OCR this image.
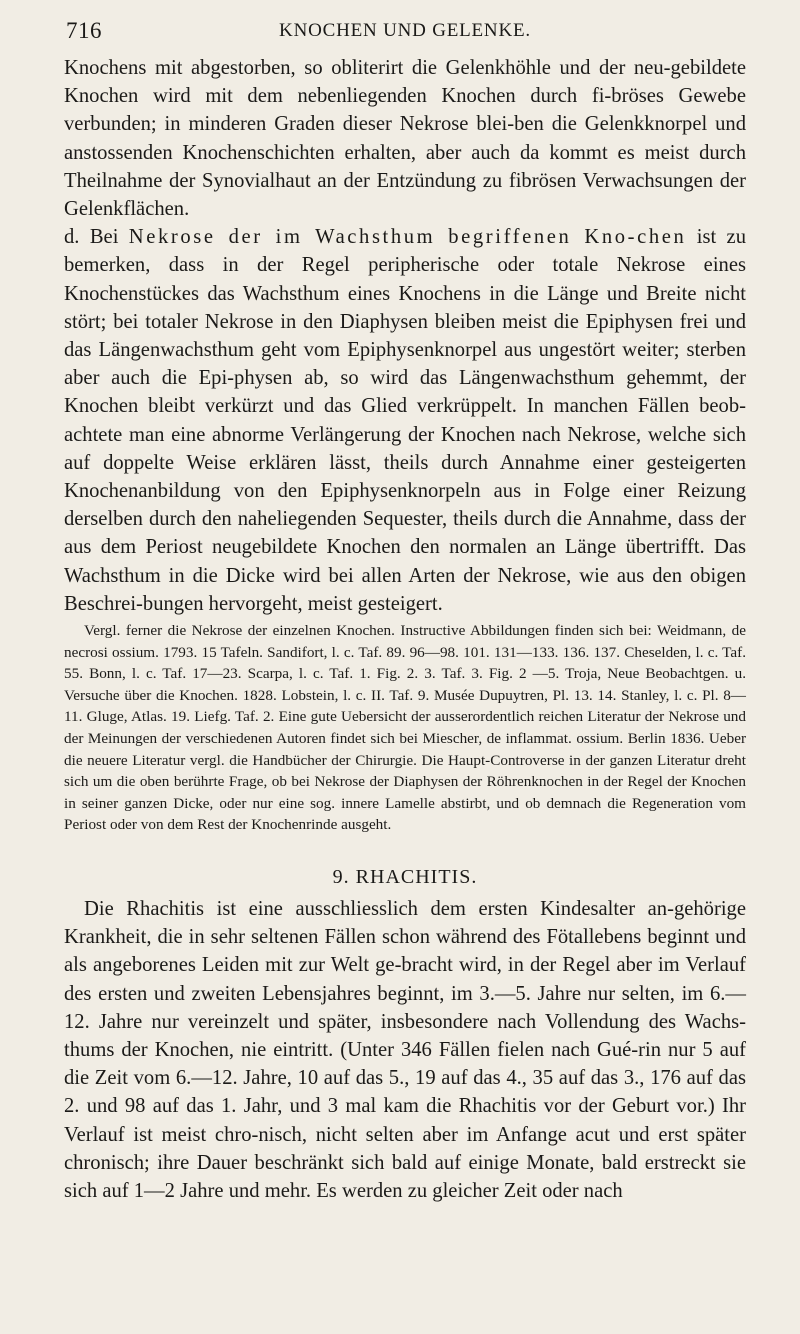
716	KNOCHEN UND GELENKE.

Knochens mit abgestorben, so obliterirt die Gelenkhöhle und der neu-gebildete Knochen wird mit dem nebenliegenden Knochen durch fi-bröses Gewebe verbunden; in minderen Graden dieser Nekrose blei-ben die Gelenkknorpel und anstossenden Knochenschichten erhalten, aber auch da kommt es meist durch Theilnahme der Synovialhaut an der Entzündung zu fibrösen Verwachsungen der Gelenkflächen.

d. Bei Nekrose der im Wachsthum begriffenen Kno-chen ist zu bemerken, dass in der Regel peripherische oder totale Nekrose eines Knochenstückes das Wachsthum eines Knochens in die Länge und Breite nicht stört; bei totaler Nekrose in den Diaphysen bleiben meist die Epiphysen frei und das Längenwachsthum geht vom Epiphysenknorpel aus ungestört weiter; sterben aber auch die Epi-physen ab, so wird das Längenwachsthum gehemmt, der Knochen bleibt verkürzt und das Glied verkrüppelt. In manchen Fällen beob-achtete man eine abnorme Verlängerung der Knochen nach Nekrose, welche sich auf doppelte Weise erklären lässt, theils durch Annahme einer gesteigerten Knochenanbildung von den Epiphysenknorpeln aus in Folge einer Reizung derselben durch den naheliegenden Sequester, theils durch die Annahme, dass der aus dem Periost neugebildete Knochen den normalen an Länge übertrifft. Das Wachsthum in die Dicke wird bei allen Arten der Nekrose, wie aus den obigen Beschrei-bungen hervorgeht, meist gesteigert.

Vergl. ferner die Nekrose der einzelnen Knochen. Instructive Abbildungen finden sich bei: Weidmann, de necrosi ossium. 1793. 15 Tafeln. Sandifort, l. c. Taf. 89. 96—98. 101. 131—133. 136. 137. Cheselden, l. c. Taf. 55. Bonn, l. c. Taf. 17—23. Scarpa, l. c. Taf. 1. Fig. 2. 3. Taf. 3. Fig. 2 —5. Troja, Neue Beobachtgen. u. Versuche über die Knochen. 1828. Lobstein, l. c. II. Taf. 9. Musée Dupuytren, Pl. 13. 14. Stanley, l. c. Pl. 8—11. Gluge, Atlas. 19. Liefg. Taf. 2. Eine gute Uebersicht der ausserordentlich reichen Literatur der Nekrose und der Meinungen der verschiedenen Autoren findet sich bei Miescher, de inflammat. ossium. Berlin 1836. Ueber die neuere Literatur vergl. die Handbücher der Chirurgie. Die Haupt-Controverse in der ganzen Literatur dreht sich um die oben berührte Frage, ob bei Nekrose der Diaphysen der Röhrenknochen in der Regel der Knochen in seiner ganzen Dicke, oder nur eine sog. innere Lamelle abstirbt, und ob demnach die Regeneration vom Periost oder von dem Rest der Knochenrinde ausgeht.

9. RHACHITIS.

Die Rhachitis ist eine ausschliesslich dem ersten Kindesalter an-gehörige Krankheit, die in sehr seltenen Fällen schon während des Fötallebens beginnt und als angeborenes Leiden mit zur Welt ge-bracht wird, in der Regel aber im Verlauf des ersten und zweiten Lebensjahres beginnt, im 3.—5. Jahre nur selten, im 6.—12. Jahre nur vereinzelt und später, insbesondere nach Vollendung des Wachs-thums der Knochen, nie eintritt. (Unter 346 Fällen fielen nach Gué-rin nur 5 auf die Zeit vom 6.—12. Jahre, 10 auf das 5., 19 auf das 4., 35 auf das 3., 176 auf das 2. und 98 auf das 1. Jahr, und 3 mal kam die Rhachitis vor der Geburt vor.) Ihr Verlauf ist meist chro-nisch, nicht selten aber im Anfange acut und erst später chronisch; ihre Dauer beschränkt sich bald auf einige Monate, bald erstreckt sie sich auf 1—2 Jahre und mehr. Es werden zu gleicher Zeit oder nach
